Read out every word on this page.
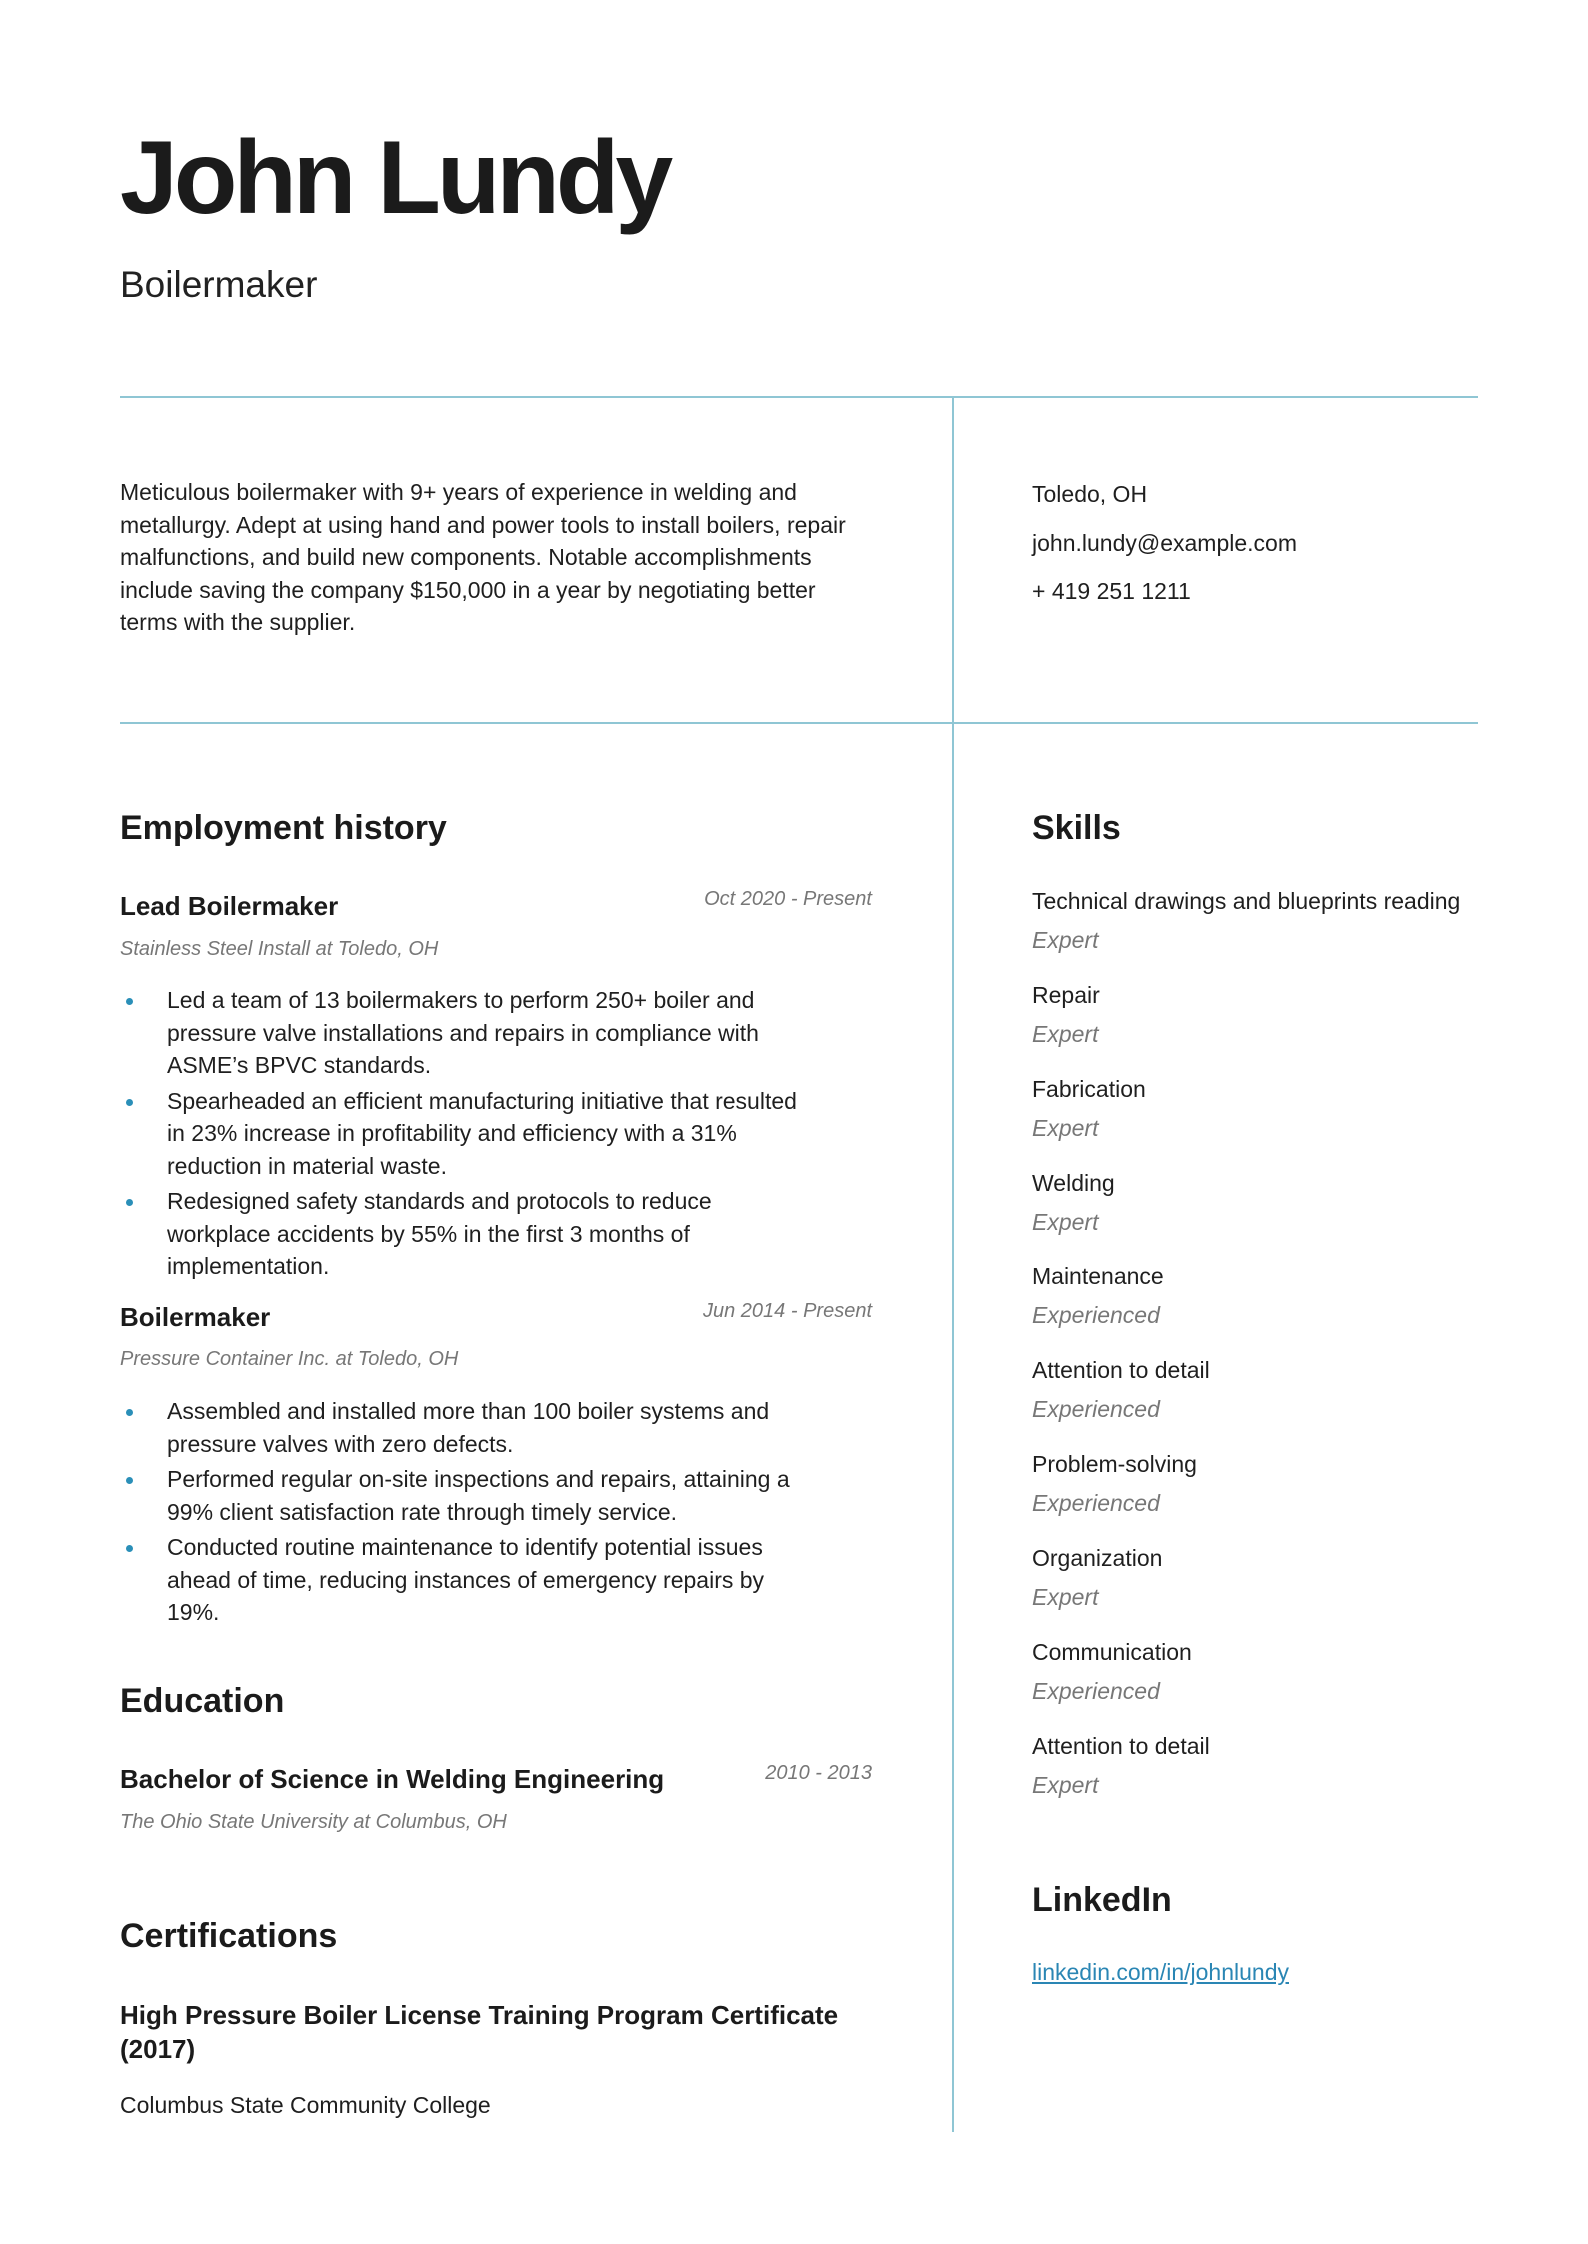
John Lundy
Boilermaker
Meticulous boilermaker with 9+ years of experience in welding and metallurgy. Adept at using hand and power tools to install boilers, repair malfunctions, and build new components. Notable accomplishments include saving the company $150,000 in a year by negotiating better terms with the supplier.
Toledo, OH
john.lundy@example.com
+ 419 251 1211
Employment history
Lead Boilermaker	Oct 2020 - Present
Stainless Steel Install at Toledo, OH
Led a team of 13 boilermakers to perform 250+ boiler and pressure valve installations and repairs in compliance with ASME’s BPVC standards.
Spearheaded an efficient manufacturing initiative that resulted in 23% increase in profitability and efficiency with a 31% reduction in material waste.
Redesigned safety standards and protocols to reduce workplace accidents by 55% in the first 3 months of implementation.
Boilermaker	Jun 2014 - Present
Pressure Container Inc. at Toledo, OH
Assembled and installed more than 100 boiler systems and pressure valves with zero defects.
Performed regular on-site inspections and repairs, attaining a 99% client satisfaction rate through timely service.
Conducted routine maintenance to identify potential issues ahead of time, reducing instances of emergency repairs by 19%.
Education
Bachelor of Science in Welding Engineering	2010 - 2013
The Ohio State University at Columbus, OH
Certifications
High Pressure Boiler License Training Program Certificate (2017)
Columbus State Community College
Skills
Technical drawings and blueprints reading
Expert
Repair
Expert
Fabrication
Expert
Welding
Expert
Maintenance
Experienced
Attention to detail
Experienced
Problem-solving
Experienced
Organization
Expert
Communication
Experienced
Attention to detail
Expert
LinkedIn
linkedin.com/in/johnlundy
